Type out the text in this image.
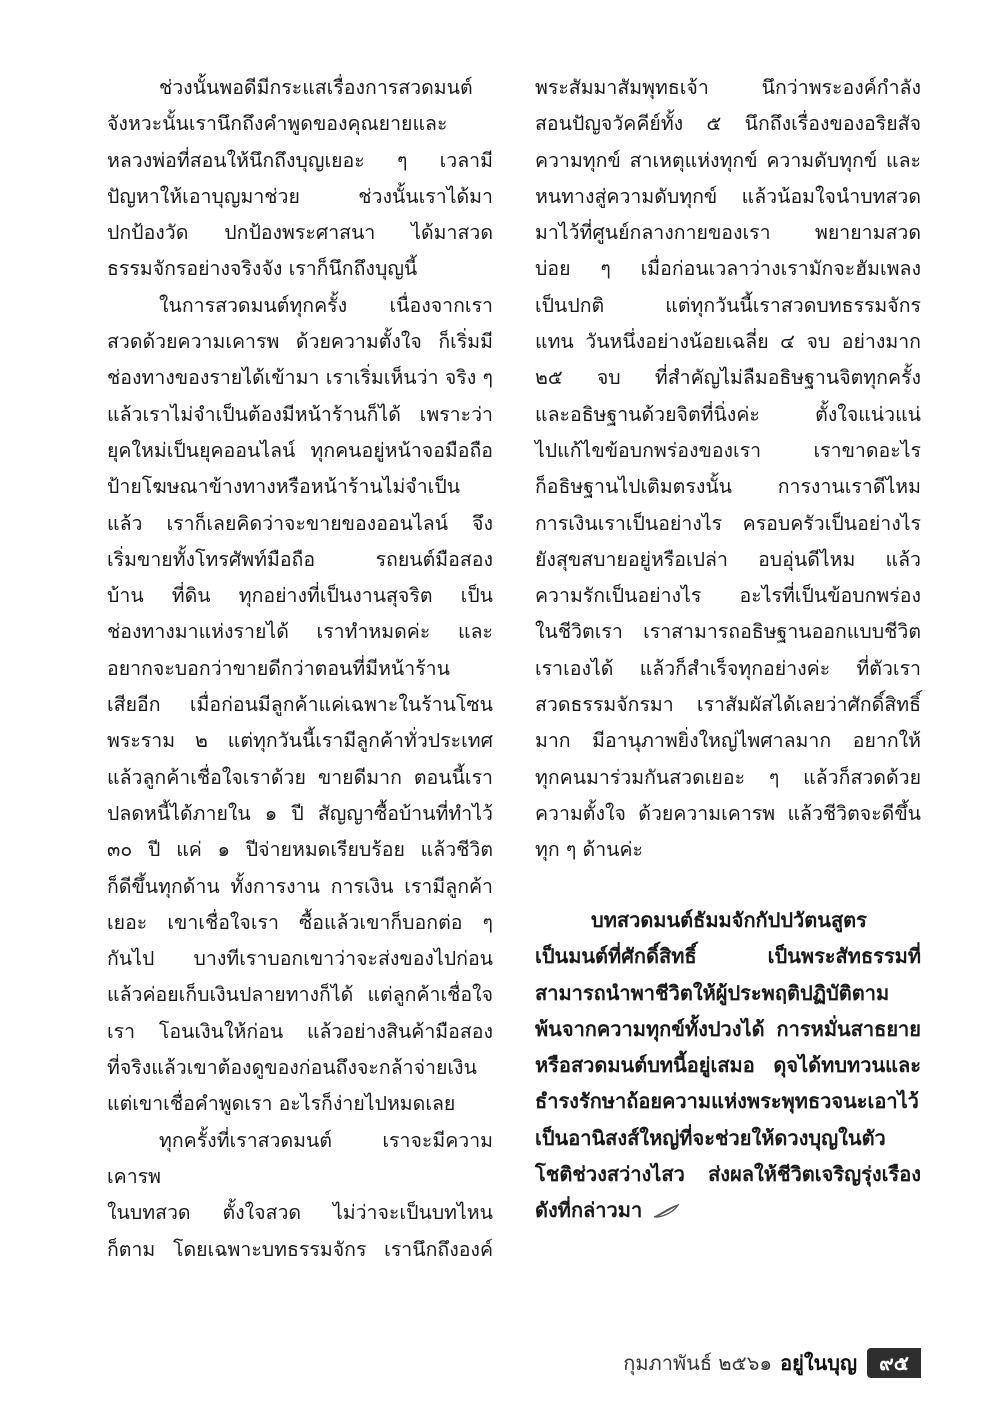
ช่วงนั้นพอดีมีกระแสเรื่องการสวดมนต์
จังหวะนั้นเรานึกถึงคำพูดของคุณยายและ
หลวงพ่อที่สอนให้นึกถึงบุญเยอะ ๆ เวลามี
ปัญหาให้เอาบุญมาช่วย ช่วงนั้นเราได้มา
ปกป้องวัด ปกป้องพระศาสนา ได้มาสวด
ธรรมจักรอย่างจริงจัง เราก็นึกถึงบุญนี้

ในการสวดมนต์ทุกครั้ง เนื่องจากเรา
สวดด้วยความเคารพ ด้วยความตั้งใจ ก็เริ่มมี
ช่องทางของรายได้เข้ามา เราเริ่มเห็นว่า จริง ๆ
แล้วเราไม่จำเป็นต้องมีหน้าร้านก็ได้ เพราะว่า
ยุคใหม่เป็นยุคออนไลน์ ทุกคนอยู่หน้าจอมือถือ
ป้ายโฆษณาข้างทางหรือหน้าร้านไม่จำเป็น
แล้ว เราก็เลยคิดว่าจะขายของออนไลน์ จึง
เริ่มขายทั้งโทรศัพท์มือถือ รถยนต์มือสอง
บ้าน ที่ดิน ทุกอย่างที่เป็นงานสุจริต เป็น
ช่องทางมาแห่งรายได้ เราทำหมดค่ะ และ
อยากจะบอกว่าขายดีกว่าตอนที่มีหน้าร้าน
เสียอีก เมื่อก่อนมีลูกค้าแค่เฉพาะในร้านโซน
พระราม ๒ แต่ทุกวันนี้เรามีลูกค้าทั่วประเทศ
แล้วลูกค้าเชื่อใจเราด้วย ขายดีมาก ตอนนี้เรา
ปลดหนี้ได้ภายใน ๑ ปี สัญญาซื้อบ้านที่ทำไว้
๓๐ ปี แค่ ๑ ปีจ่ายหมดเรียบร้อย แล้วชีวิต
ก็ดีขึ้นทุกด้าน ทั้งการงาน การเงิน เรามีลูกค้า
เยอะ เขาเชื่อใจเรา ซื้อแล้วเขาก็บอกต่อ ๆ
กันไป บางทีเราบอกเขาว่าจะส่งของไปก่อน
แล้วค่อยเก็บเงินปลายทางก็ได้ แต่ลูกค้าเชื่อใจ
เรา โอนเงินให้ก่อน แล้วอย่างสินค้ามือสอง
ที่จริงแล้วเขาต้องดูของก่อนถึงจะกล้าจ่ายเงิน
แต่เขาเชื่อคำพูดเรา อะไรก็ง่ายไปหมดเลย

ทุกครั้งที่เราสวดมนต์ เราจะมีความเคารพ
ในบทสวด ตั้งใจสวด ไม่ว่าจะเป็นบทไหน
ก็ตาม โดยเฉพาะบทธรรมจักร เรานึกถึงองค์

พระสัมมาสัมพุทธเจ้า นึกว่าพระองค์กำลัง
สอนปัญจวัคคีย์ทั้ง ๕ นึกถึงเรื่องของอริยสัจ
ความทุกข์ สาเหตุแห่งทุกข์ ความดับทุกข์ และ
หนทางสู่ความดับทุกข์ แล้วน้อมใจนำบทสวด
มาไว้ที่ศูนย์กลางกายของเรา พยายามสวด
บ่อย ๆ เมื่อก่อนเวลาว่างเรามักจะฮัมเพลง
เป็นปกติ แต่ทุกวันนี้เราสวดบทธรรมจักร
แทน วันหนึ่งอย่างน้อยเฉลี่ย ๔ จบ อย่างมาก
๒๕ จบ ที่สำคัญไม่ลืมอธิษฐานจิตทุกครั้ง
และอธิษฐานด้วยจิตที่นิ่งค่ะ ตั้งใจแน่วแน่
ไปแก้ไขข้อบกพร่องของเรา เราขาดอะไร
ก็อธิษฐานไปเติมตรงนั้น การงานเราดีไหม
การเงินเราเป็นอย่างไร ครอบครัวเป็นอย่างไร
ยังสุขสบายอยู่หรือเปล่า อบอุ่นดีไหม แล้ว
ความรักเป็นอย่างไร อะไรที่เป็นข้อบกพร่อง
ในชีวิตเรา เราสามารถอธิษฐานออกแบบชีวิต
เราเองได้ แล้วก็สำเร็จทุกอย่างค่ะ ที่ตัวเรา
สวดธรรมจักรมา เราสัมผัสได้เลยว่าศักดิ์สิทธิ์
มาก มีอานุภาพยิ่งใหญ่ไพศาลมาก อยากให้
ทุกคนมาร่วมกันสวดเยอะ ๆ แล้วก็สวดด้วย
ความตั้งใจ ด้วยความเคารพ แล้วชีวิตจะดีขึ้น
ทุก ๆ ด้านค่ะ

บทสวดมนต์ธัมมจักกัปปวัตนสูตร
เป็นมนต์ที่ศักดิ์สิทธิ์ เป็นพระสัทธรรมที่
สามารถนำพาชีวิตให้ผู้ประพฤติปฏิบัติตาม
พ้นจากความทุกข์ทั้งปวงได้ การหมั่นสาธยาย
หรือสวดมนต์บทนี้อยู่เสมอ ดุจได้ทบทวนและ
ธำรงรักษาถ้อยความแห่งพระพุทธวจนะเอาไว้
เป็นอานิสงส์ใหญ่ที่จะช่วยให้ดวงบุญในตัว
โชติช่วงสว่างไสว ส่งผลให้ชีวิตเจริญรุ่งเรือง
ดังที่กล่าวมา
กุมภาพันธ์ ๒๕๖๑ อยู่ในบุญ	๙๕
